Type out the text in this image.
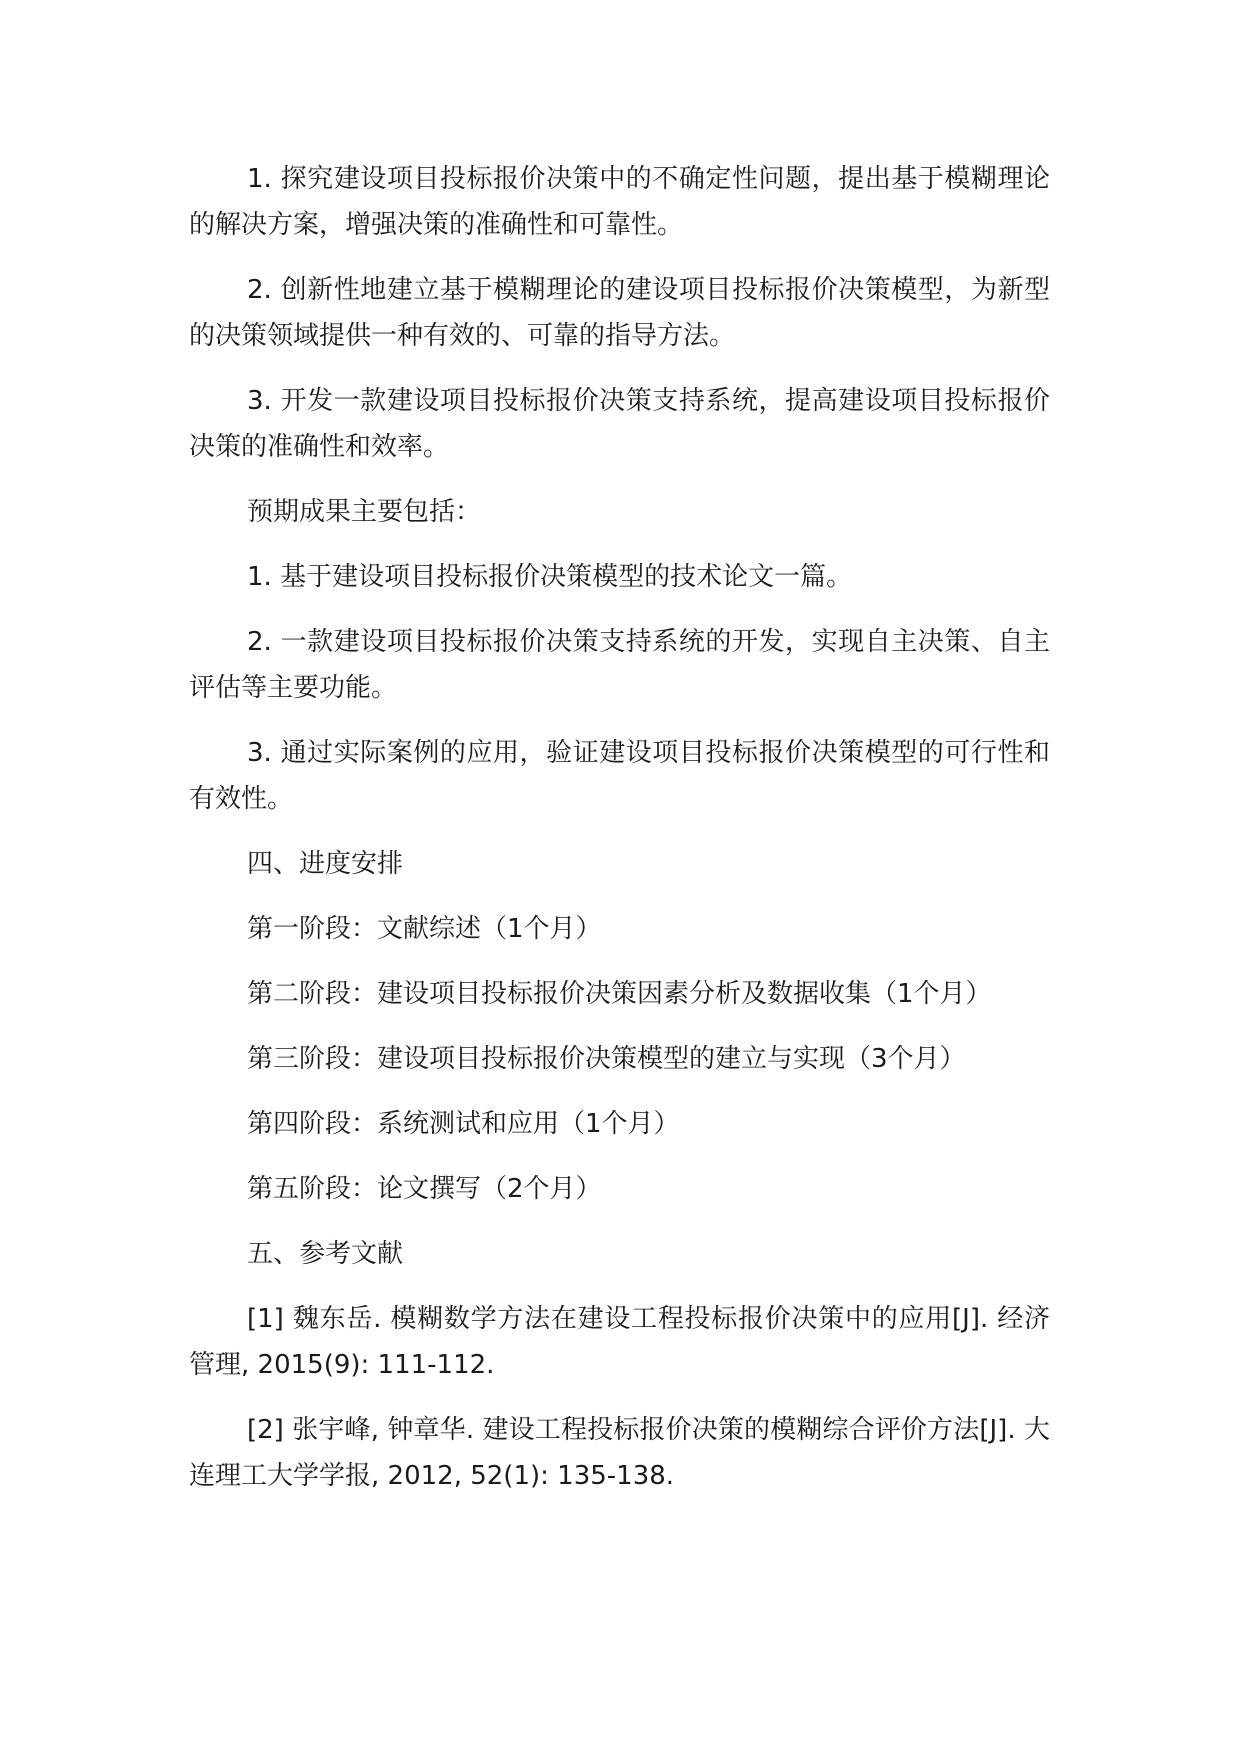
1. 探究建设项目投标报价决策中的不确定性问题，提出基于模糊理论的解决方案，增强决策的准确性和可靠性。

2. 创新性地建立基于模糊理论的建设项目投标报价决策模型，为新型的决策领域提供一种有效的、可靠的指导方法。

3. 开发一款建设项目投标报价决策支持系统，提高建设项目投标报价决策的准确性和效率。

预期成果主要包括：

1. 基于建设项目投标报价决策模型的技术论文一篇。

2. 一款建设项目投标报价决策支持系统的开发，实现自主决策、自主评估等主要功能。

3. 通过实际案例的应用，验证建设项目投标报价决策模型的可行性和有效性。

四、进度安排

第一阶段：文献综述（1个月）

第二阶段：建设项目投标报价决策因素分析及数据收集（1个月）

第三阶段：建设项目投标报价决策模型的建立与实现（3个月）

第四阶段：系统测试和应用（1个月）

第五阶段：论文撰写（2个月）

五、参考文献

[1] 魏东岳. 模糊数学方法在建设工程投标报价决策中的应用[J]. 经济管理, 2015(9): 111-112.

[2] 张宇峰, 钟章华. 建设工程投标报价决策的模糊综合评价方法[J]. 大连理工大学学报, 2012, 52(1): 135-138.
